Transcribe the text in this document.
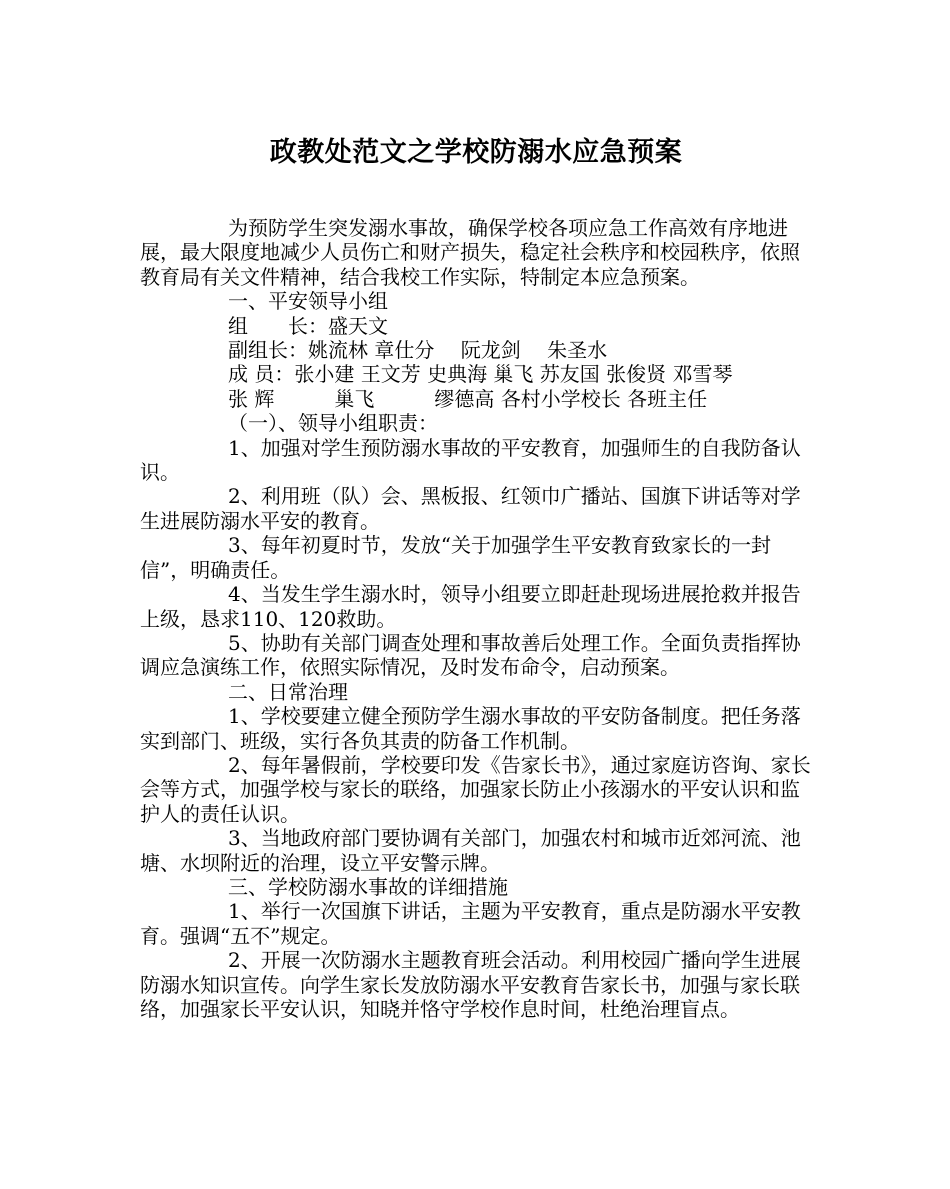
政教处范文之学校防溺水应急预案

为预防学生突发溺水事故，确保学校各项应急工作高效有序地进展，最大限度地减少人员伤亡和财产损失，稳定社会秩序和校园秩序，依照教育局有关文件精神，结合我校工作实际，特制定本应急预案。

一、平安领导小组

组　　长：盛天文

副组长：姚流林 章仕分　 阮龙剑　 朱圣水

成 员：张小建 王文芳 史典海 巢飞 苏友国 张俊贤 邓雪琴

张 辉　　　巢飞　　　缪德高 各村小学校长 各班主任

（一）、领导小组职责：

1、加强对学生预防溺水事故的平安教育，加强师生的自我防备认识。

2、利用班（队）会、黑板报、红领巾广播站、国旗下讲话等对学生进展防溺水平安的教育。

3、每年初夏时节，发放“关于加强学生平安教育致家长的一封信”，明确责任。

4、当发生学生溺水时，领导小组要立即赶赴现场进展抢救并报告上级，恳求110、120救助。

5、协助有关部门调查处理和事故善后处理工作。全面负责指挥协调应急演练工作，依照实际情况，及时发布命令，启动预案。

二、日常治理

1、学校要建立健全预防学生溺水事故的平安防备制度。把任务落实到部门、班级，实行各负其责的防备工作机制。

2、每年暑假前，学校要印发《告家长书》，通过家庭访咨询、家长会等方式，加强学校与家长的联络，加强家长防止小孩溺水的平安认识和监护人的责任认识。

3、当地政府部门要协调有关部门，加强农村和城市近郊河流、池塘、水坝附近的治理，设立平安警示牌。

三、学校防溺水事故的详细措施

1、举行一次国旗下讲话，主题为平安教育，重点是防溺水平安教育。强调“五不”规定。

2、开展一次防溺水主题教育班会活动。利用校园广播向学生进展防溺水知识宣传。向学生家长发放防溺水平安教育告家长书，加强与家长联络，加强家长平安认识，知晓并恪守学校作息时间，杜绝治理盲点。
